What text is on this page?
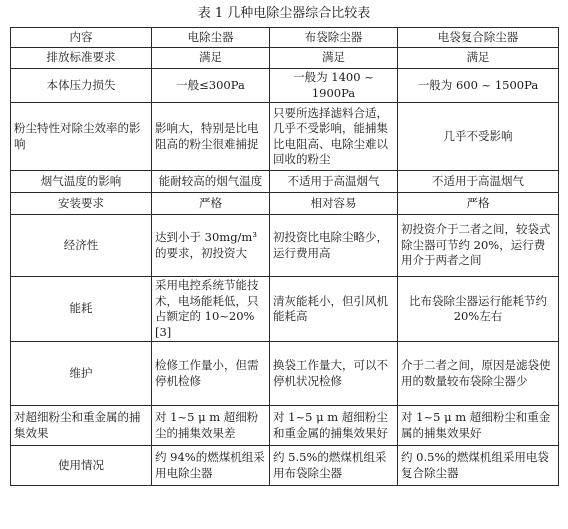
表 1 几种电除尘器综合比较表
内容	电除尘器	布袋除尘器	电袋复合除尘器
排放标准要求	满足	满足	满足
本体压力损失	一般≤300Pa	一般为 1400 ~ 1900Pa	一般为 600 ~ 1500Pa
粉尘特性对除尘效率的影响	影响大，特别是比电阻高的粉尘很难捕捉	只要所选择滤料合适，几乎不受影响，能捕集比电阻高、电除尘难以回收的粉尘	几乎不受影响
烟气温度的影响	能耐较高的烟气温度	不适用于高温烟气	不适用于高温烟气
安装要求	严格	相对容易	严格
经济性	达到小于 30mg/m³的要求，初投资大	初投资比电除尘略少，运行费用高	初投资介于二者之间，较袋式除尘器可节约 20%，运行费用介于两者之间
能耗	采用电控系统节能技术，电场能耗低，只占额定的 10~20% [3]	清灰能耗小，但引风机能耗高	比布袋除尘器运行能耗节约 20%左右
维护	检修工作量小，但需停机检修	换袋工作量大，可以不停机状况检修	介于二者之间，原因是滤袋使用的数量较布袋除尘器少
对超细粉尘和重金属的捕集效果	对 1~5 μ m 超细粉尘的捕集效果差	对 1~5 μ m 超细粉尘和重金属的捕集效果好	对 1~5 μ m 超细粉尘和重金属的捕集效果好
使用情况	约 94%的燃煤机组采用电除尘器	约 5.5%的燃煤机组采用布袋除尘器	约 0.5%的燃煤机组采用电袋复合除尘器
